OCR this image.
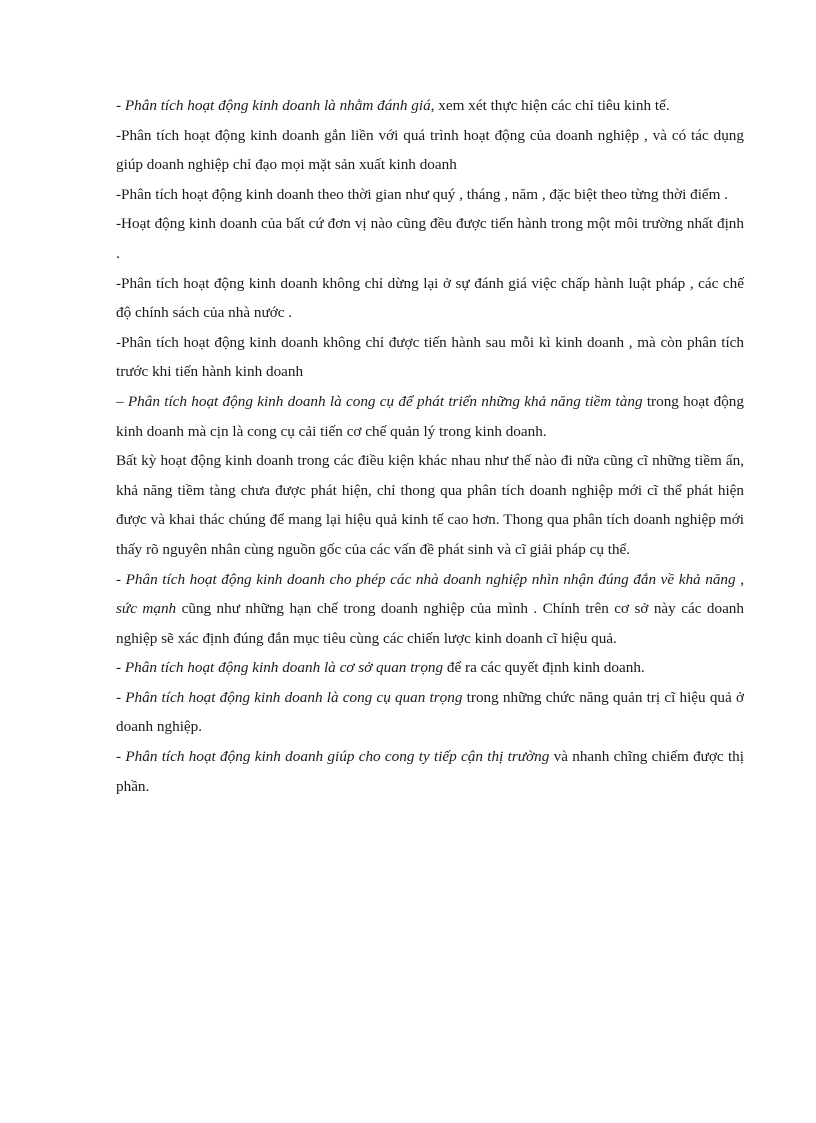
- Phân tích hoạt động kinh doanh là nhằm đánh giá, xem xét thực hiện các chỉ tiêu kinh tế.

-Phân tích hoạt động kinh doanh gắn liền với quá trình hoạt động của doanh nghiệp , và có tác dụng giúp doanh nghiệp chỉ đạo mọi mặt sản xuất kinh doanh

-Phân tích hoạt động kinh doanh theo thời gian như quý , tháng , năm , đặc biệt theo từng thời điểm .

-Hoạt động kinh doanh của bất cứ đơn vị nào cũng đều được tiến hành trong một môi trường nhất định .

-Phân tích hoạt động kinh doanh không chỉ dừng lại ở sự đánh giá việc chấp hành luật pháp , các chế độ chính sách của nhà nước .

-Phân tích hoạt động kinh doanh không chỉ được tiến hành sau mỗi kì kinh doanh , mà còn phân tích trước khi tiến hành kinh doanh

– Phân tích hoạt động kinh doanh là cong cụ để phát triển những khả năng tiềm tàng trong hoạt động kinh doanh mà cịn là cong cụ cải tiến cơ chế quản lý trong kinh doanh.

Bất kỳ hoạt động kinh doanh trong các điều kiện khác nhau như thế nào đi nữa cũng cĩ những tiềm ẩn, khả năng tiềm tàng chưa được phát hiện, chỉ thong qua phân tích doanh nghiệp mới cĩ thể phát hiện được và khai thác chúng để mang lại hiệu quả kinh tế cao hơn. Thong qua phân tích doanh nghiệp mới thấy rõ nguyên nhân cùng nguồn gốc của các vấn đề phát sinh và cĩ giải pháp cụ thể.

- Phân tích hoạt động kinh doanh cho phép các nhà doanh nghiệp nhìn nhận đúng đắn về khả năng , sức mạnh cũng như những hạn chế trong doanh nghiệp của mình . Chính trên cơ sở này các doanh nghiệp sẽ xác định đúng đắn mục tiêu cùng các chiến lược kinh doanh cĩ hiệu quả.

- Phân tích hoạt động kinh doanh là cơ sở quan trọng để ra các quyết định kinh doanh.

- Phân tích hoạt động kinh doanh là cong cụ quan trọng trong những chức năng quản trị cĩ hiệu quả ở doanh nghiệp.

- Phân tích hoạt động kinh doanh giúp cho cong ty tiếp cận thị trường và nhanh chĩng chiếm được thị phần.
